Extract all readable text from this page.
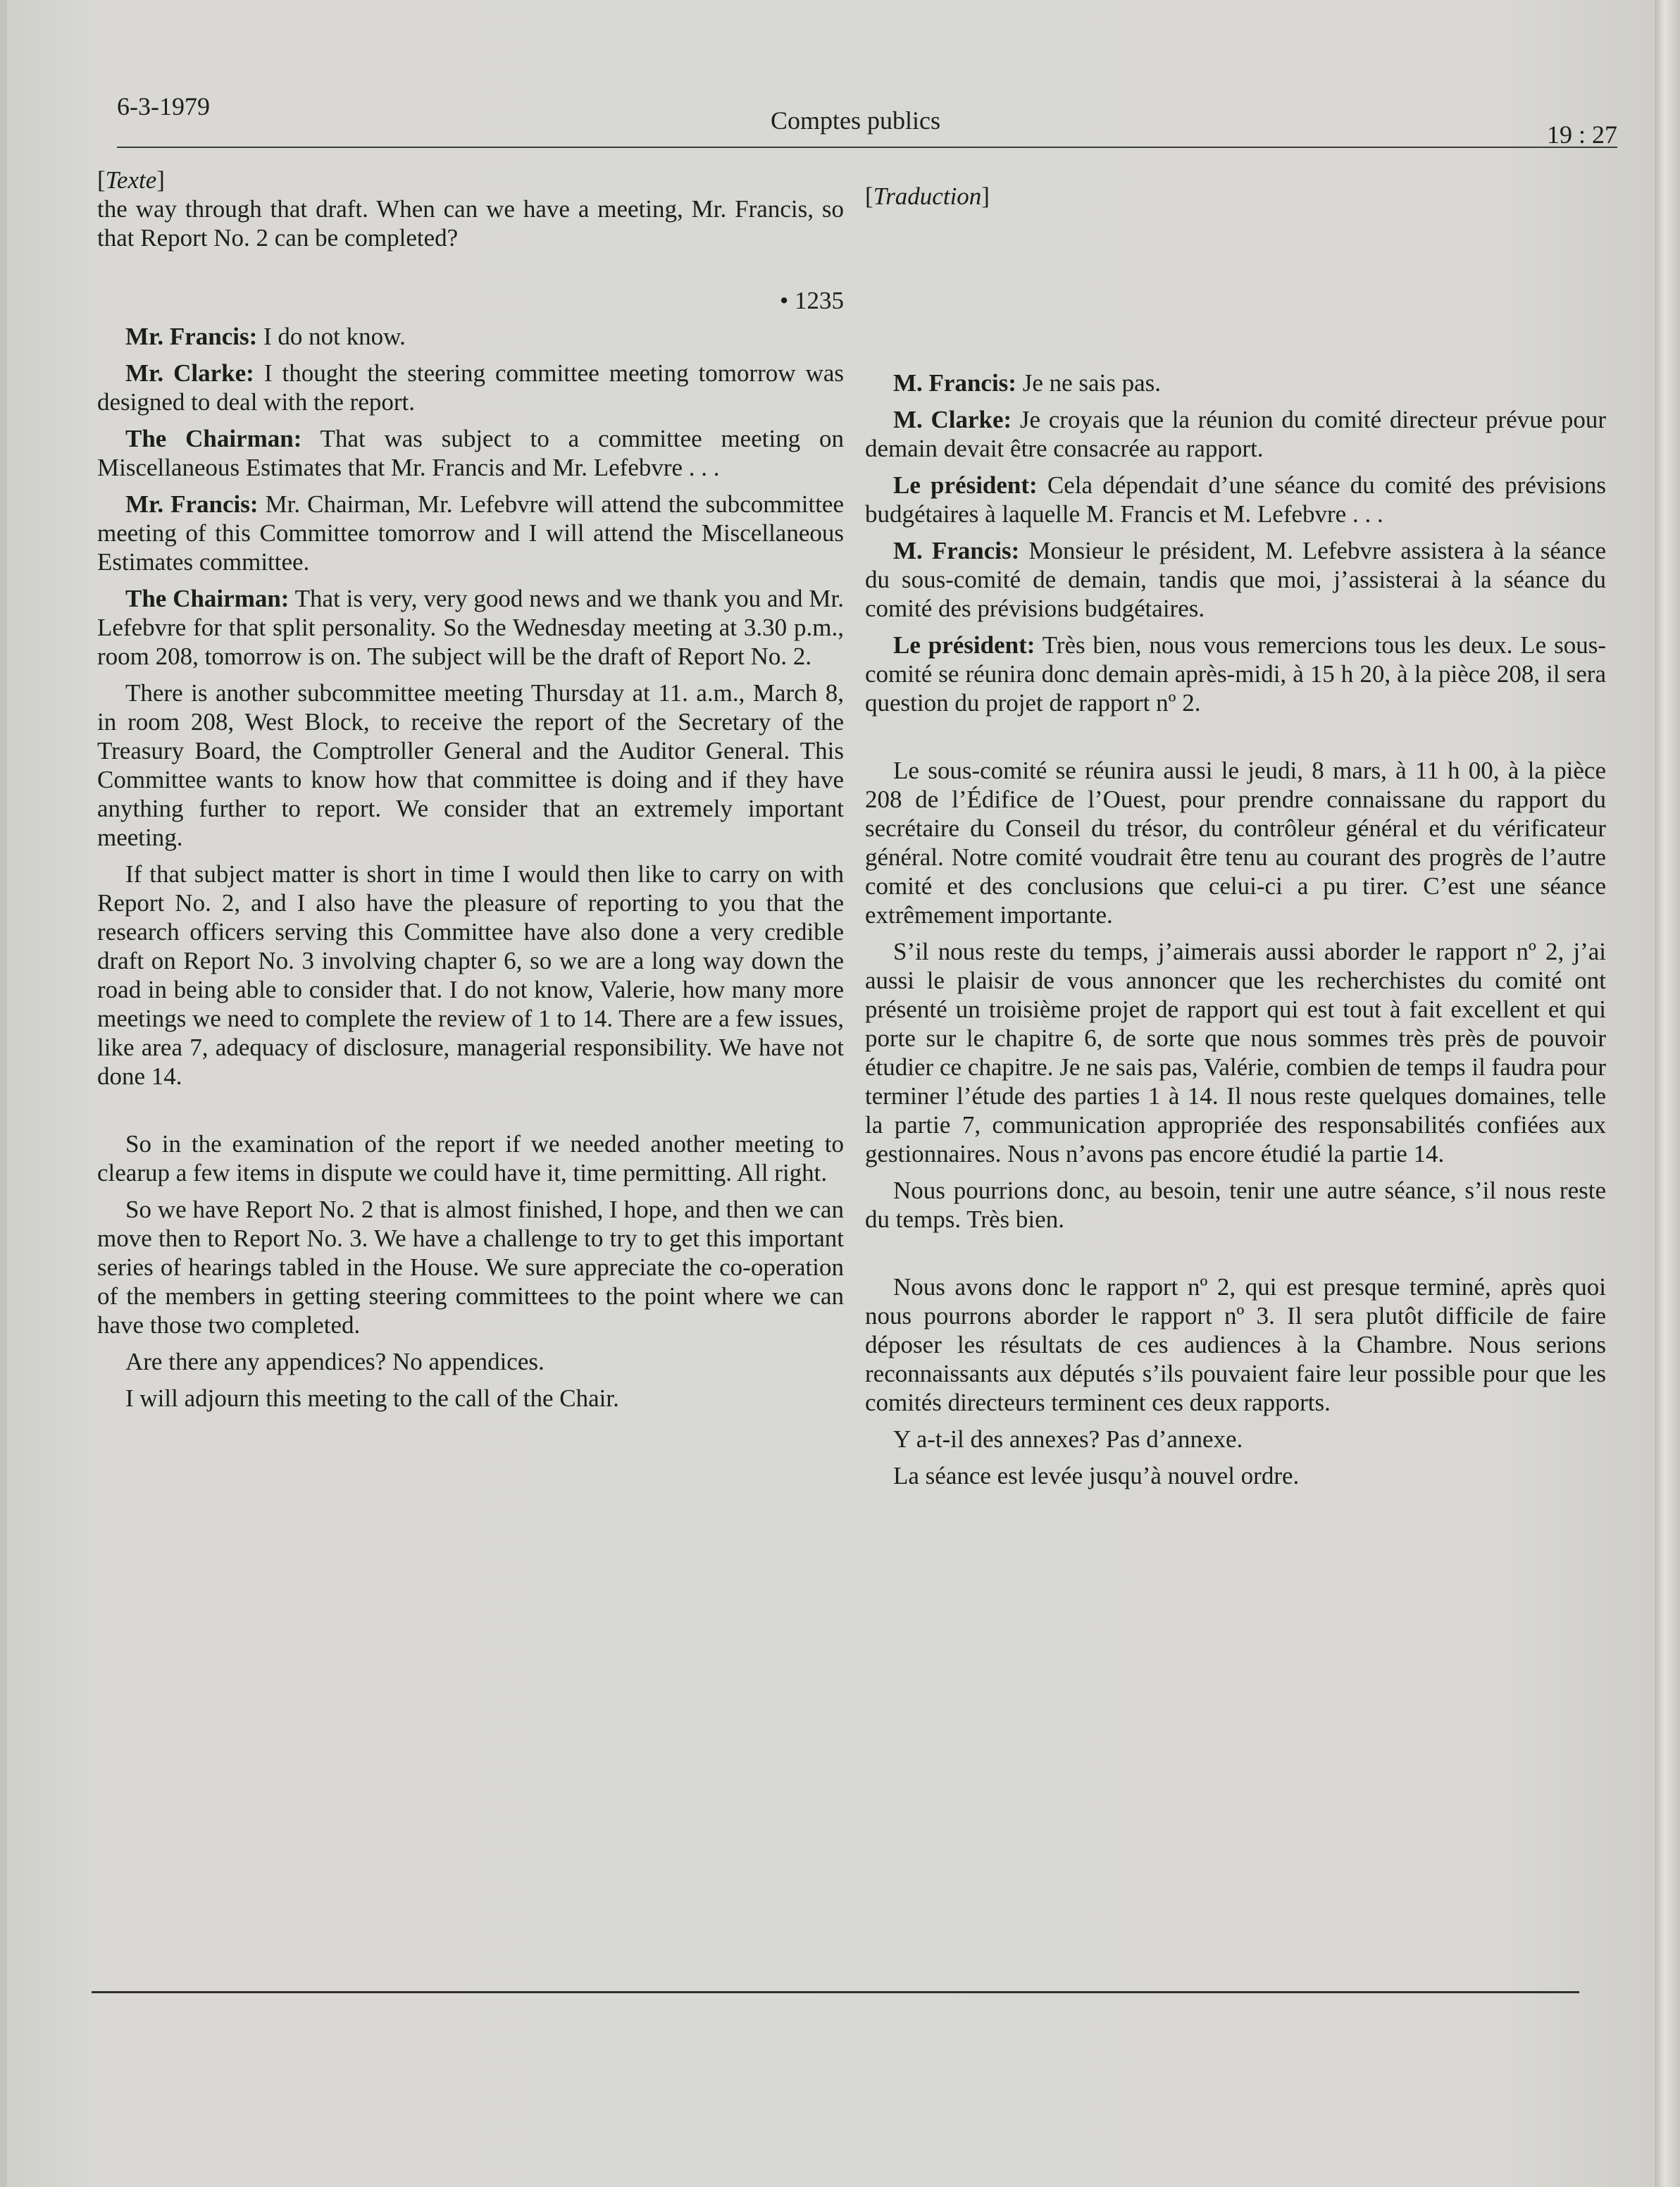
6-3-1979	Comptes publics	19 : 27

[Texte]

the way through that draft. When can we have a meeting, Mr. Francis, so that Report No. 2 can be completed?

• 1235

Mr. Francis: I do not know.

Mr. Clarke: I thought the steering committee meeting tomorrow was designed to deal with the report.

The Chairman: That was subject to a committee meeting on Miscellaneous Estimates that Mr. Francis and Mr. Lefebvre . . .

Mr. Francis: Mr. Chairman, Mr. Lefebvre will attend the subcommittee meeting of this Committee tomorrow and I will attend the Miscellaneous Estimates committee.

The Chairman: That is very, very good news and we thank you and Mr. Lefebvre for that split personality. So the Wednesday meeting at 3.30 p.m., room 208, tomorrow is on. The subject will be the draft of Report No. 2.

There is another subcommittee meeting Thursday at 11. a.m., March 8, in room 208, West Block, to receive the report of the Secretary of the Treasury Board, the Comptroller General and the Auditor General. This Committee wants to know how that committee is doing and if they have anything further to report. We consider that an extremely important meeting.

If that subject matter is short in time I would then like to carry on with Report No. 2, and I also have the pleasure of reporting to you that the research officers serving this Committee have also done a very credible draft on Report No. 3 involving chapter 6, so we are a long way down the road in being able to consider that. I do not know, Valerie, how many more meetings we need to complete the review of 1 to 14. There are a few issues, like area 7, adequacy of disclosure, managerial responsibility. We have not done 14.

So in the examination of the report if we needed another meeting to clearup a few items in dispute we could have it, time permitting. All right.

So we have Report No. 2 that is almost finished, I hope, and then we can move then to Report No. 3. We have a challenge to try to get this important series of hearings tabled in the House. We sure appreciate the co-operation of the members in getting steering committees to the point where we can have those two completed.

Are there any appendices? No appendices.

I will adjourn this meeting to the call of the Chair.

[Traduction]

M. Francis: Je ne sais pas.

M. Clarke: Je croyais que la réunion du comité directeur prévue pour demain devait être consacrée au rapport.

Le président: Cela dépendait d’une séance du comité des prévisions budgétaires à laquelle M. Francis et M. Lefebvre . . .

M. Francis: Monsieur le président, M. Lefebvre assistera à la séance du sous-comité de demain, tandis que moi, j’assisterai à la séance du comité des prévisions budgétaires.

Le président: Très bien, nous vous remercions tous les deux. Le sous-comité se réunira donc demain après-midi, à 15 h 20, à la pièce 208, il sera question du projet de rapport nº 2.

Le sous-comité se réunira aussi le jeudi, 8 mars, à 11 h 00, à la pièce 208 de l’Édifice de l’Ouest, pour prendre connaissane du rapport du secrétaire du Conseil du trésor, du contrôleur général et du vérificateur général. Notre comité voudrait être tenu au courant des progrès de l’autre comité et des conclusions que celui-ci a pu tirer. C’est une séance extrêmement importante.

S’il nous reste du temps, j’aimerais aussi aborder le rapport nº 2, j’ai aussi le plaisir de vous annoncer que les recherchistes du comité ont présenté un troisième projet de rapport qui est tout à fait excellent et qui porte sur le chapitre 6, de sorte que nous sommes très près de pouvoir étudier ce chapitre. Je ne sais pas, Valérie, combien de temps il faudra pour terminer l’étude des parties 1 à 14. Il nous reste quelques domaines, telle la partie 7, communication appropriée des responsabilités confiées aux gestionnaires. Nous n’avons pas encore étudié la partie 14.

Nous pourrions donc, au besoin, tenir une autre séance, s’il nous reste du temps. Très bien.

Nous avons donc le rapport nº 2, qui est presque terminé, après quoi nous pourrons aborder le rapport nº 3. Il sera plutôt difficile de faire déposer les résultats de ces audiences à la Chambre. Nous serions reconnaissants aux députés s’ils pouvaient faire leur possible pour que les comités directeurs terminent ces deux rapports.

Y a-t-il des annexes? Pas d’annexe.

La séance est levée jusqu’à nouvel ordre.
